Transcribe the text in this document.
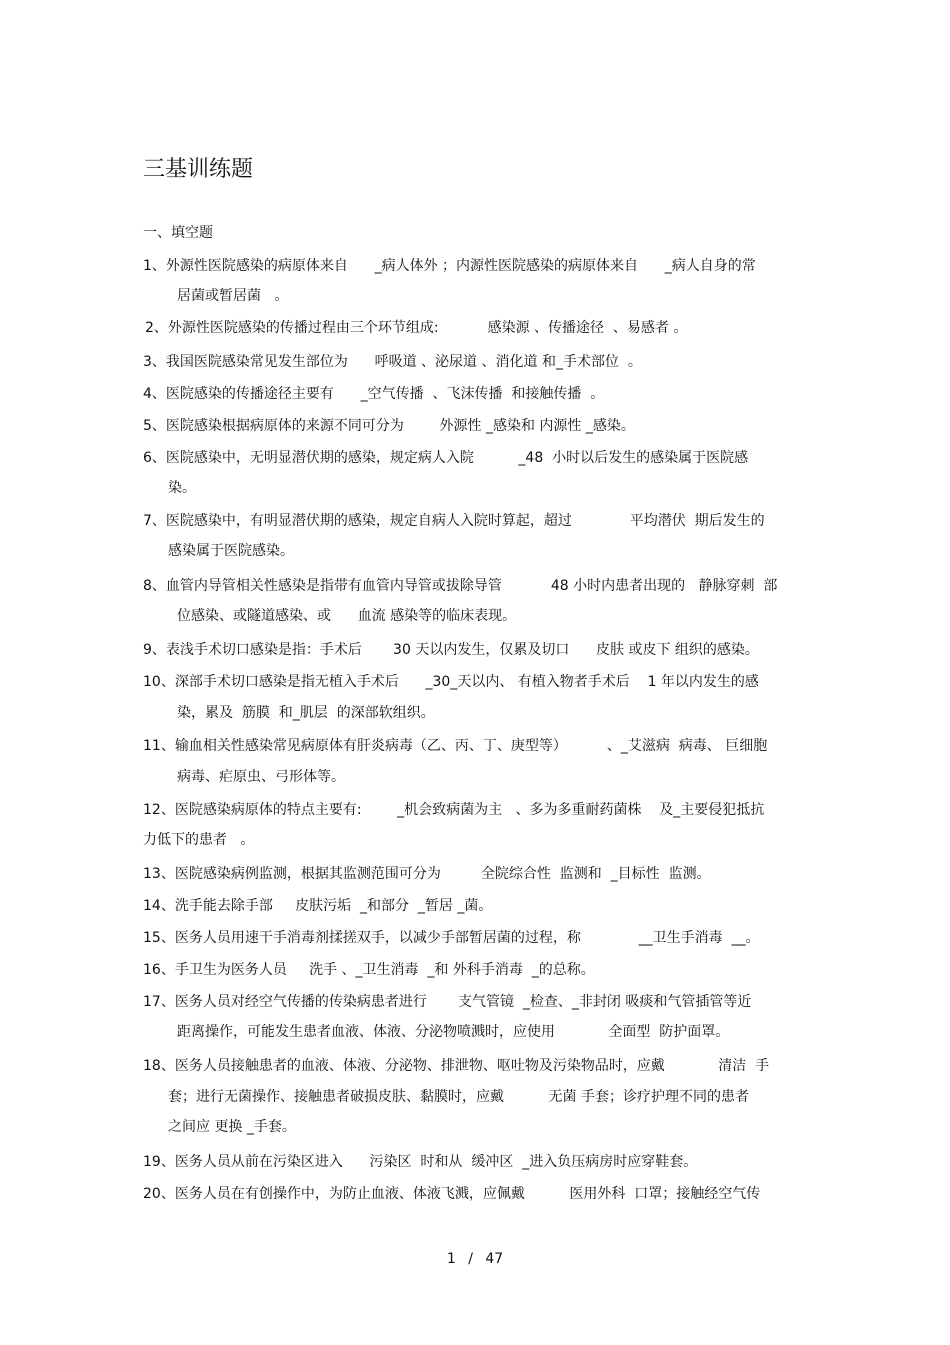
三基训练题
一、填空题
1、外源性医院感染的病原体来自      _病人体外 ；内源性医院感染的病原体来自      _病人自身的常
居菌或暂居菌   。
2、外源性医院感染的传播过程由三个环节组成:           感染源 、传播途径  、易感者 。
3、我国医院感染常见发生部位为      呼吸道 、泌尿道 、消化道 和_手术部位  。
4、医院感染的传播途径主要有      _空气传播  、飞沫传播  和接触传播  。
5、医院感染根据病原体的来源不同可分为        外源性 _感染和 内源性 _感染。
6、医院感染中，无明显潜伏期的感染，规定病人入院          _48  小时以后发生的感染属于医院感
染。
7、医院感染中，有明显潜伏期的感染，规定自病人入院时算起，超过             平均潜伏  期后发生的
感染属于医院感染。
8、血管内导管相关性感染是指带有血管内导管或拔除导管           48 小时内患者出现的   静脉穿刺  部
位感染、或隧道感染、或      血流 感染等的临床表现。
9、表浅手术切口感染是指：手术后       30 天以内发生，仅累及切口      皮肤 或皮下 组织的感染。
10、深部手术切口感染是指无植入手术后      _30_天以内、 有植入物者手术后    1 年以内发生的感
染，累及  筋膜  和_肌层  的深部软组织。
11、输血相关性感染常见病原体有肝炎病毒（乙、丙、丁、庚型等）         、_艾滋病  病毒、 巨细胞
病毒、疟原虫、弓形体等。
12、医院感染病原体的特点主要有:        _机会致病菌为主   、多为多重耐药菌株    及_主要侵犯抵抗
力低下的患者   。
13、医院感染病例监测，根据其监测范围可分为         全院综合性  监测和  _目标性  监测。
14、洗手能去除手部     皮肤污垢  _和部分  _暂居 _菌。
15、医务人员用速干手消毒剂揉搓双手，以减少手部暂居菌的过程，称             __卫生手消毒  __。
16、手卫生为医务人员     洗手 、_卫生消毒  _和 外科手消毒  _的总称。
17、医务人员对经空气传播的传染病患者进行       支气管镜  _检查、_非封闭 吸痰和气管插管等近
距离操作，可能发生患者血液、体液、分泌物喷溅时，应使用            全面型  防护面罩。
18、医务人员接触患者的血液、体液、分泌物、排泄物、呕吐物及污染物品时，应戴            清洁  手
套；进行无菌操作、接触患者破损皮肤、黏膜时，应戴          无菌 手套；诊疗护理不同的患者
之间应 更换 _手套。
19、医务人员从前在污染区进入      污染区  时和从  缓冲区  _进入负压病房时应穿鞋套。
20、医务人员在有创操作中，为防止血液、体液飞溅，应佩戴          医用外科  口罩；接触经空气传
1 / 47
